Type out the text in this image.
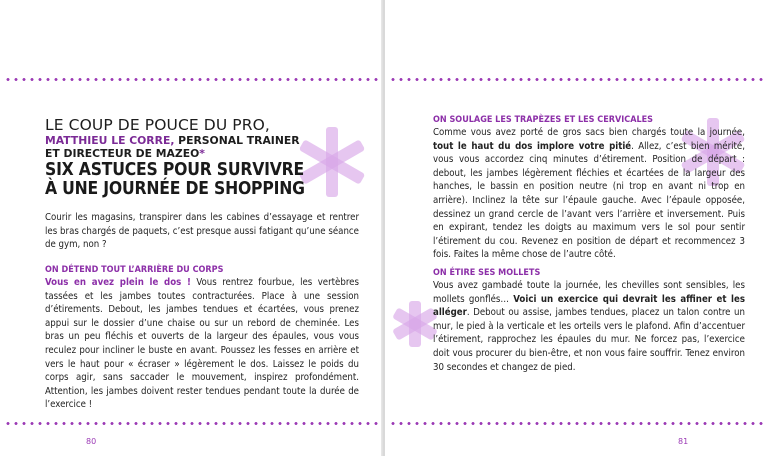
LE COUP DE POUCE DU PRO,
MATTHIEU LE CORRE, PERSONAL TRAINER
ET DIRECTEUR DE MAZEO*
SIX ASTUCES POUR SURVIVRE
À UNE JOURNÉE DE SHOPPING
Courir les magasins, transpirer dans les cabines d’essayage et rentrer les bras chargés de paquets, c’est presque aussi fatigant qu’une séance de gym, non ?
ON DÉTEND TOUT L’ARRIÈRE DU CORPS
Vous en avez plein le dos ! Vous rentrez fourbue, les vertèbres tassées et les jambes toutes contracturées. Place à une session d’étirements. Debout, les jambes tendues et écartées, vous prenez appui sur le dossier d’une chaise ou sur un rebord de cheminée. Les bras un peu fléchis et ouverts de la largeur des épaules, vous vous reculez pour incliner le buste en avant. Poussez les fesses en arrière et vers le haut pour « écraser » légèrement le dos. Laissez le poids du corps agir, sans saccader le mouvement, inspirez profondément. Attention, les jambes doivent rester tendues pendant toute la durée de l’exercice !
80
ON SOULAGE LES TRAPÈZES ET LES CERVICALES
Comme vous avez porté de gros sacs bien chargés toute la journée, tout le haut du dos implore votre pitié. Allez, c’est bien mérité, vous vous accordez cinq minutes d’étirement. Position de départ : debout, les jambes légèrement fléchies et écartées de la largeur des hanches, le bassin en position neutre (ni trop en avant ni trop en arrière). Inclinez la tête sur l’épaule gauche. Avec l’épaule opposée, dessinez un grand cercle de l’avant vers l’arrière et inversement. Puis en expirant, tendez les doigts au maximum vers le sol pour sentir l’étirement du cou. Revenez en position de départ et recommencez 3 fois. Faites la même chose de l’autre côté.
ON ÉTIRE SES MOLLETS
Vous avez gambadé toute la journée, les chevilles sont sensibles, les mollets gonflés… Voici un exercice qui devrait les affiner et les alléger. Debout ou assise, jambes tendues, placez un talon contre un mur, le pied à la verticale et les orteils vers le plafond. Afin d’accentuer l’étirement, rapprochez les épaules du mur. Ne forcez pas, l’exercice doit vous procurer du bien-être, et non vous faire souffrir. Tenez environ 30 secondes et changez de pied.
81
